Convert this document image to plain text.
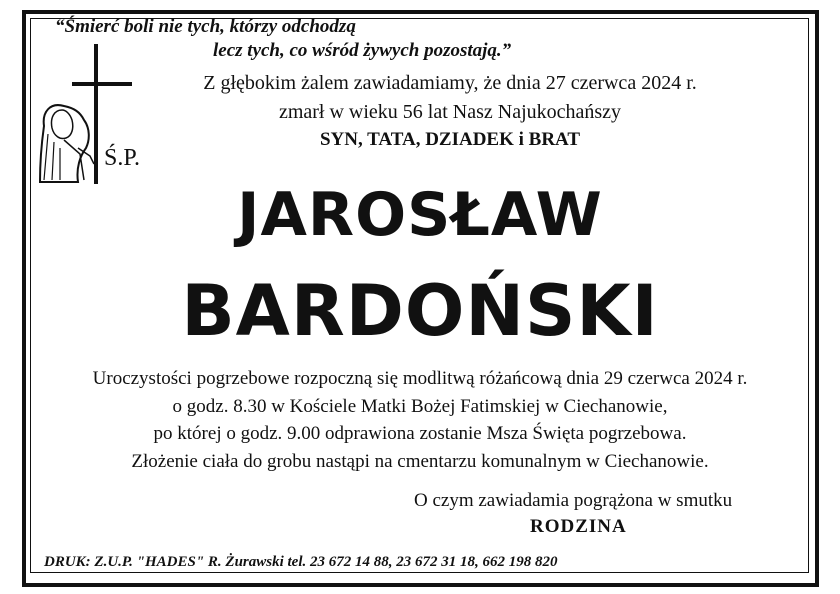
“Śmierć boli nie tych, którzy odchodzą
lecz tych, co wśród żywych pozostają.”
Z głębokim żalem zawiadamiamy, że dnia 27 czerwca 2024 r.
zmarł w wieku 56 lat Nasz Najukochańszy
SYN, TATA, DZIADEK i BRAT
Ś.P.
JAROSŁAW
BARDOŃSKI
Uroczystości pogrzebowe rozpoczną się modlitwą różańcową dnia 29 czerwca 2024 r.
o godz. 8.30 w Kościele Matki Bożej Fatimskiej w Ciechanowie,
po której o godz. 9.00 odprawiona zostanie Msza Święta pogrzebowa.
Złożenie ciała do grobu nastąpi na cmentarzu komunalnym w Ciechanowie.
O czym zawiadamia pogrążona w smutku
RODZINA
DRUK: Z.U.P. "HADES" R. Żurawski tel. 23 672 14 88, 23 672 31 18, 662 198 820
